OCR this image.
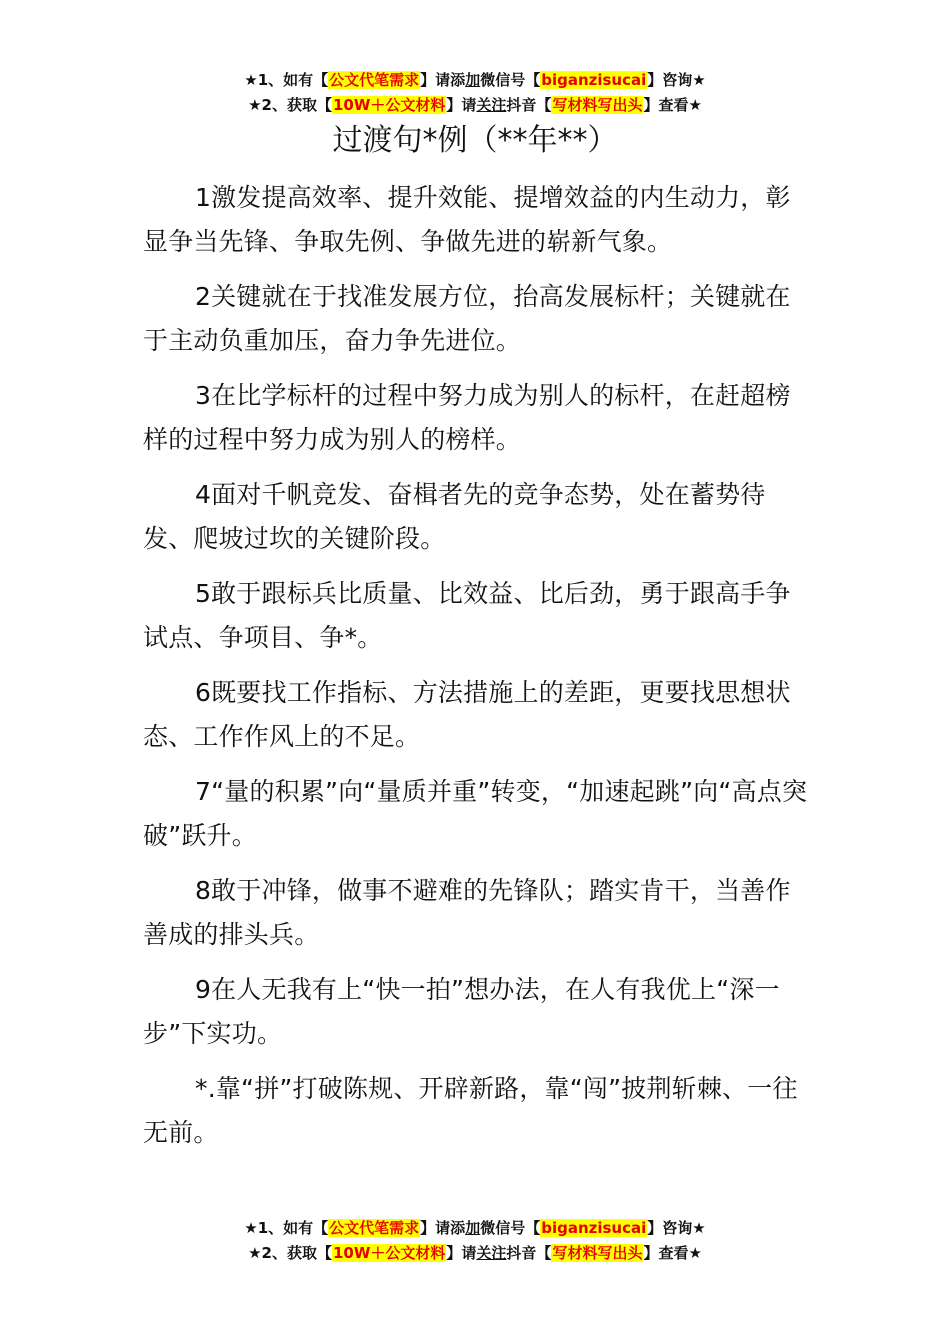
★1、如有【公文代笔需求】请添加微信号【biganzisucai】咨询★
★2、获取【10W＋公文材料】请关注抖音【写材料写出头】查看★
过渡句*例（**年**）

1激发提高效率、提升效能、提增效益的内生动力，彰显争当先锋、争取先例、争做先进的崭新气象。

2关键就在于找准发展方位，抬高发展标杆；关键就在于主动负重加压，奋力争先进位。

3在比学标杆的过程中努力成为别人的标杆，在赶超榜样的过程中努力成为别人的榜样。

4面对千帆竞发、奋楫者先的竞争态势，处在蓄势待发、爬坡过坎的关键阶段。

5敢于跟标兵比质量、比效益、比后劲，勇于跟高手争试点、争项目、争*。

6既要找工作指标、方法措施上的差距，更要找思想状态、工作作风上的不足。

7“量的积累”向“量质并重”转变，“加速起跳”向“高点突破”跃升。

8敢于冲锋，做事不避难的先锋队；踏实肯干，当善作善成的排头兵。

9在人无我有上“快一拍”想办法，在人有我优上“深一步”下实功。

*.靠“拼”打破陈规、开辟新路，靠“闯”披荆斩棘、一往无前。

★1、如有【公文代笔需求】请添加微信号【biganzisucai】咨询★
★2、获取【10W＋公文材料】请关注抖音【写材料写出头】查看★
